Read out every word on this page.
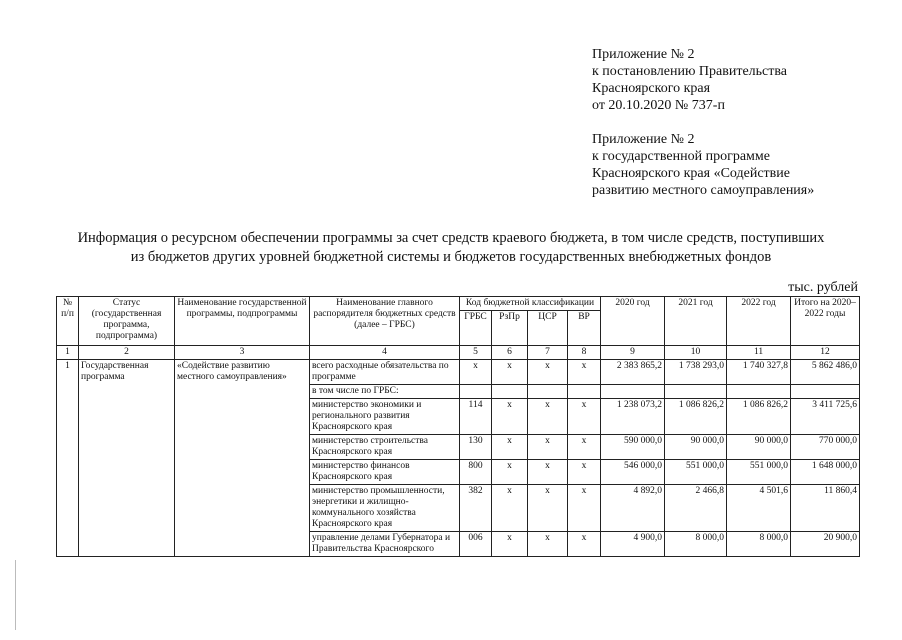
Приложение № 2
к постановлению Правительства
Красноярского края
от 20.10.2020 № 737-п
Приложение № 2
к государственной программе
Красноярского края «Содействие
развитию местного самоуправления»
Информация о ресурсном обеспечении программы за счет средств краевого бюджета, в том числе средств, поступивших
из бюджетов других уровней бюджетной системы и бюджетов государственных внебюджетных фондов
тыс. рублей
№ п/п	Статус (государственная программа, подпрограмма)	Наименование государственной программы, подпрограммы	Наименование главного распорядителя бюджетных средств (далее – ГРБС)	Код бюджетной классификации				2020 год	2021 год	2022 год	Итого на 2020–2022 годы
				ГРБС	РзПр	ЦСР	ВР				
1	2	3	4	5	6	7	8	9	10	11	12
1	Государственная программа	«Содействие развитию местного самоуправления»	всего расходные обязательства по программе	х	х	х	х	2 383 865,2	1 738 293,0	1 740 327,8	5 862 486,0
			в том числе по ГРБС:								
			министерство экономики и регионального развития Красноярского края	114	х	х	х	1 238 073,2	1 086 826,2	1 086 826,2	3 411 725,6
			министерство строительства Красноярского края	130	х	х	х	590 000,0	90 000,0	90 000,0	770 000,0
			министерство финансов Красноярского края	800	х	х	х	546 000,0	551 000,0	551 000,0	1 648 000,0
			министерство промышленности, энергетики и жилищно-коммунального хозяйства Красноярского края	382	х	х	х	4 892,0	2 466,8	4 501,6	11 860,4
			управление делами Губернатора и Правительства Красноярского	006	х	х	х	4 900,0	8 000,0	8 000,0	20 900,0
